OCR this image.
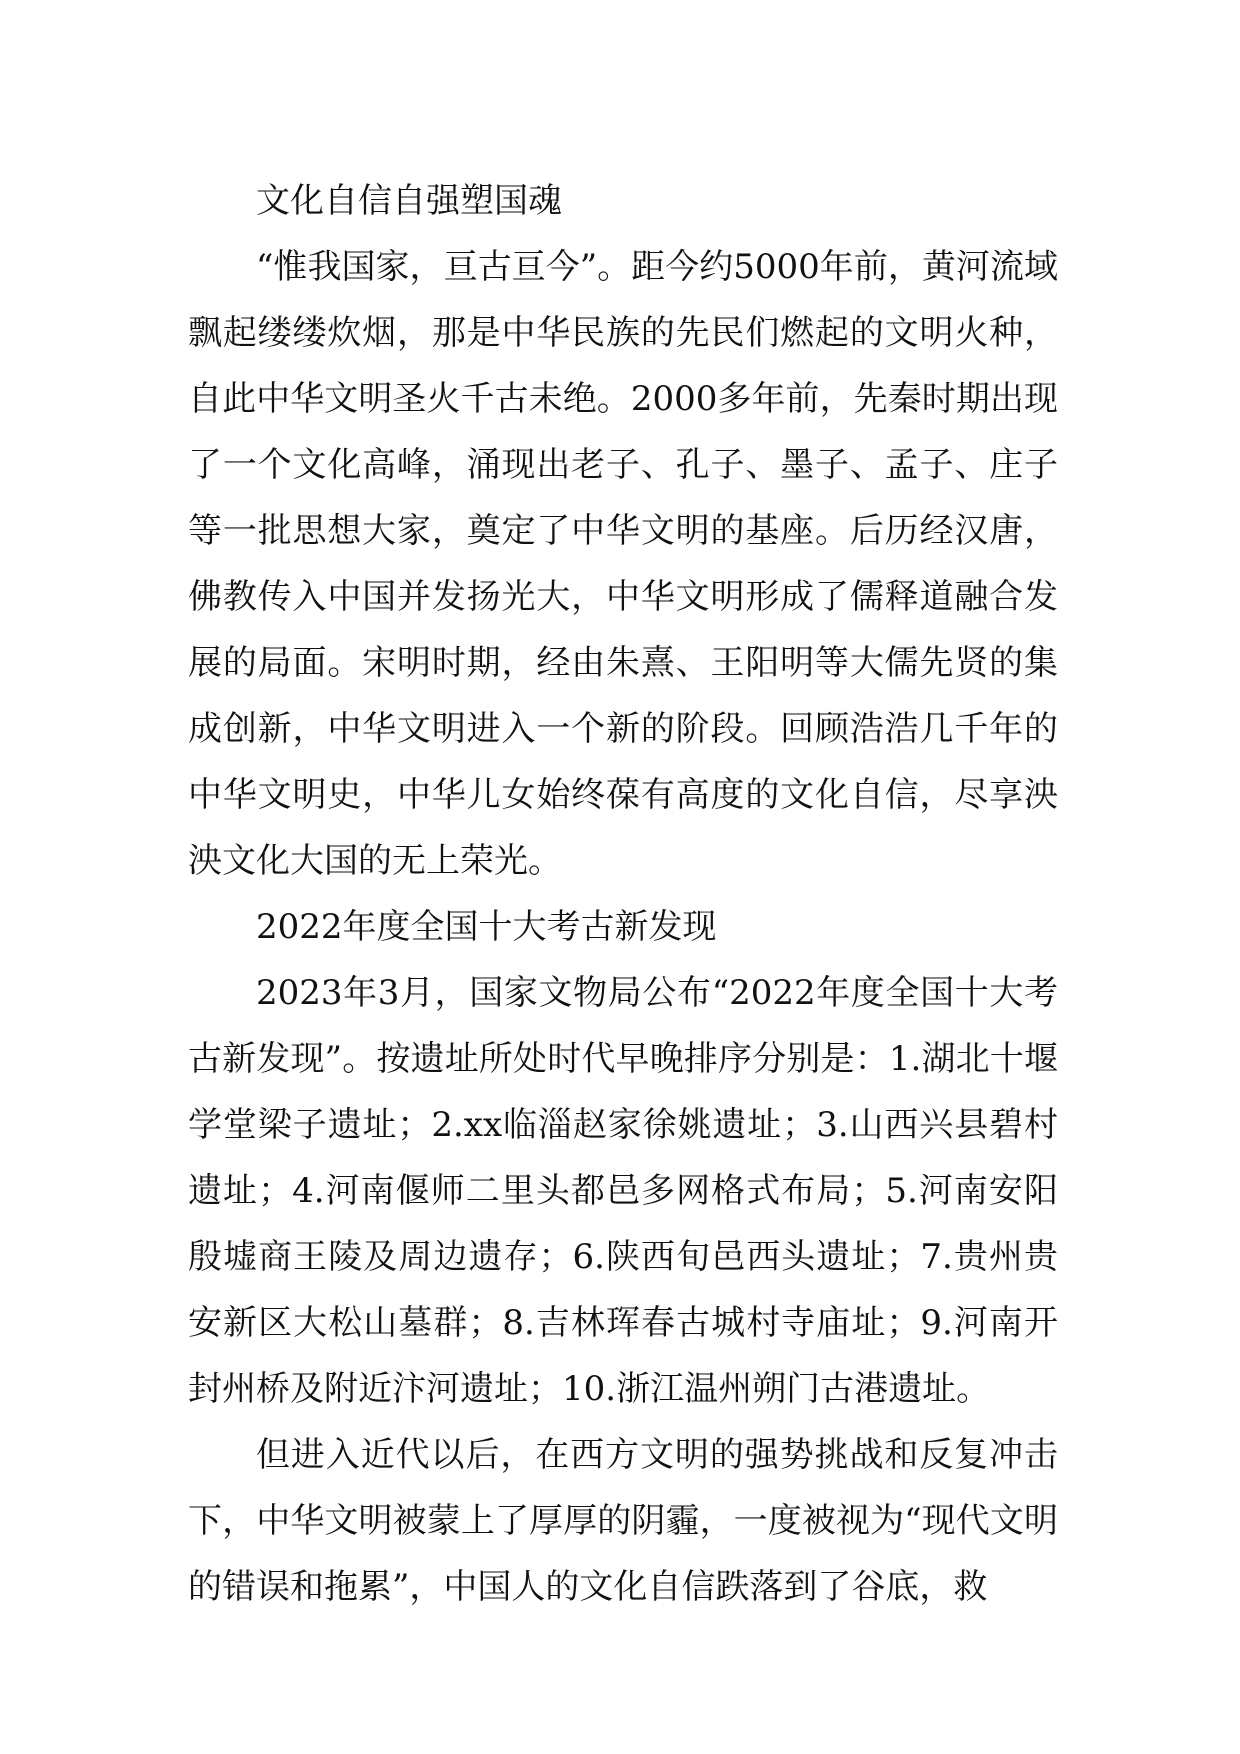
文化自信自强塑国魂

“惟我国家，亘古亘今”。距今约5000年前，黄河流域飘起缕缕炊烟，那是中华民族的先民们燃起的文明火种，自此中华文明圣火千古未绝。2000多年前，先秦时期出现了一个文化高峰，涌现出老子、孔子、墨子、孟子、庄子等一批思想大家，奠定了中华文明的基座。后历经汉唐，佛教传入中国并发扬光大，中华文明形成了儒释道融合发展的局面。宋明时期，经由朱熹、王阳明等大儒先贤的集成创新，中华文明进入一个新的阶段。回顾浩浩几千年的中华文明史，中华儿女始终葆有高度的文化自信，尽享泱泱文化大国的无上荣光。

2022年度全国十大考古新发现

2023年3月，国家文物局公布“2022年度全国十大考古新发现”。按遗址所处时代早晚排序分别是：1.湖北十堰学堂梁子遗址；2.xx临淄赵家徐姚遗址；3.山西兴县碧村遗址；4.河南偃师二里头都邑多网格式布局；5.河南安阳殷墟商王陵及周边遗存；6.陕西旬邑西头遗址；7.贵州贵安新区大松山墓群；8.吉林珲春古城村寺庙址；9.河南开封州桥及附近汴河遗址；10.浙江温州朔门古港遗址。

但进入近代以后，在西方文明的强势挑战和反复冲击下，中华文明被蒙上了厚厚的阴霾，一度被视为“现代文明的错误和拖累”，中国人的文化自信跌落到了谷底，救
